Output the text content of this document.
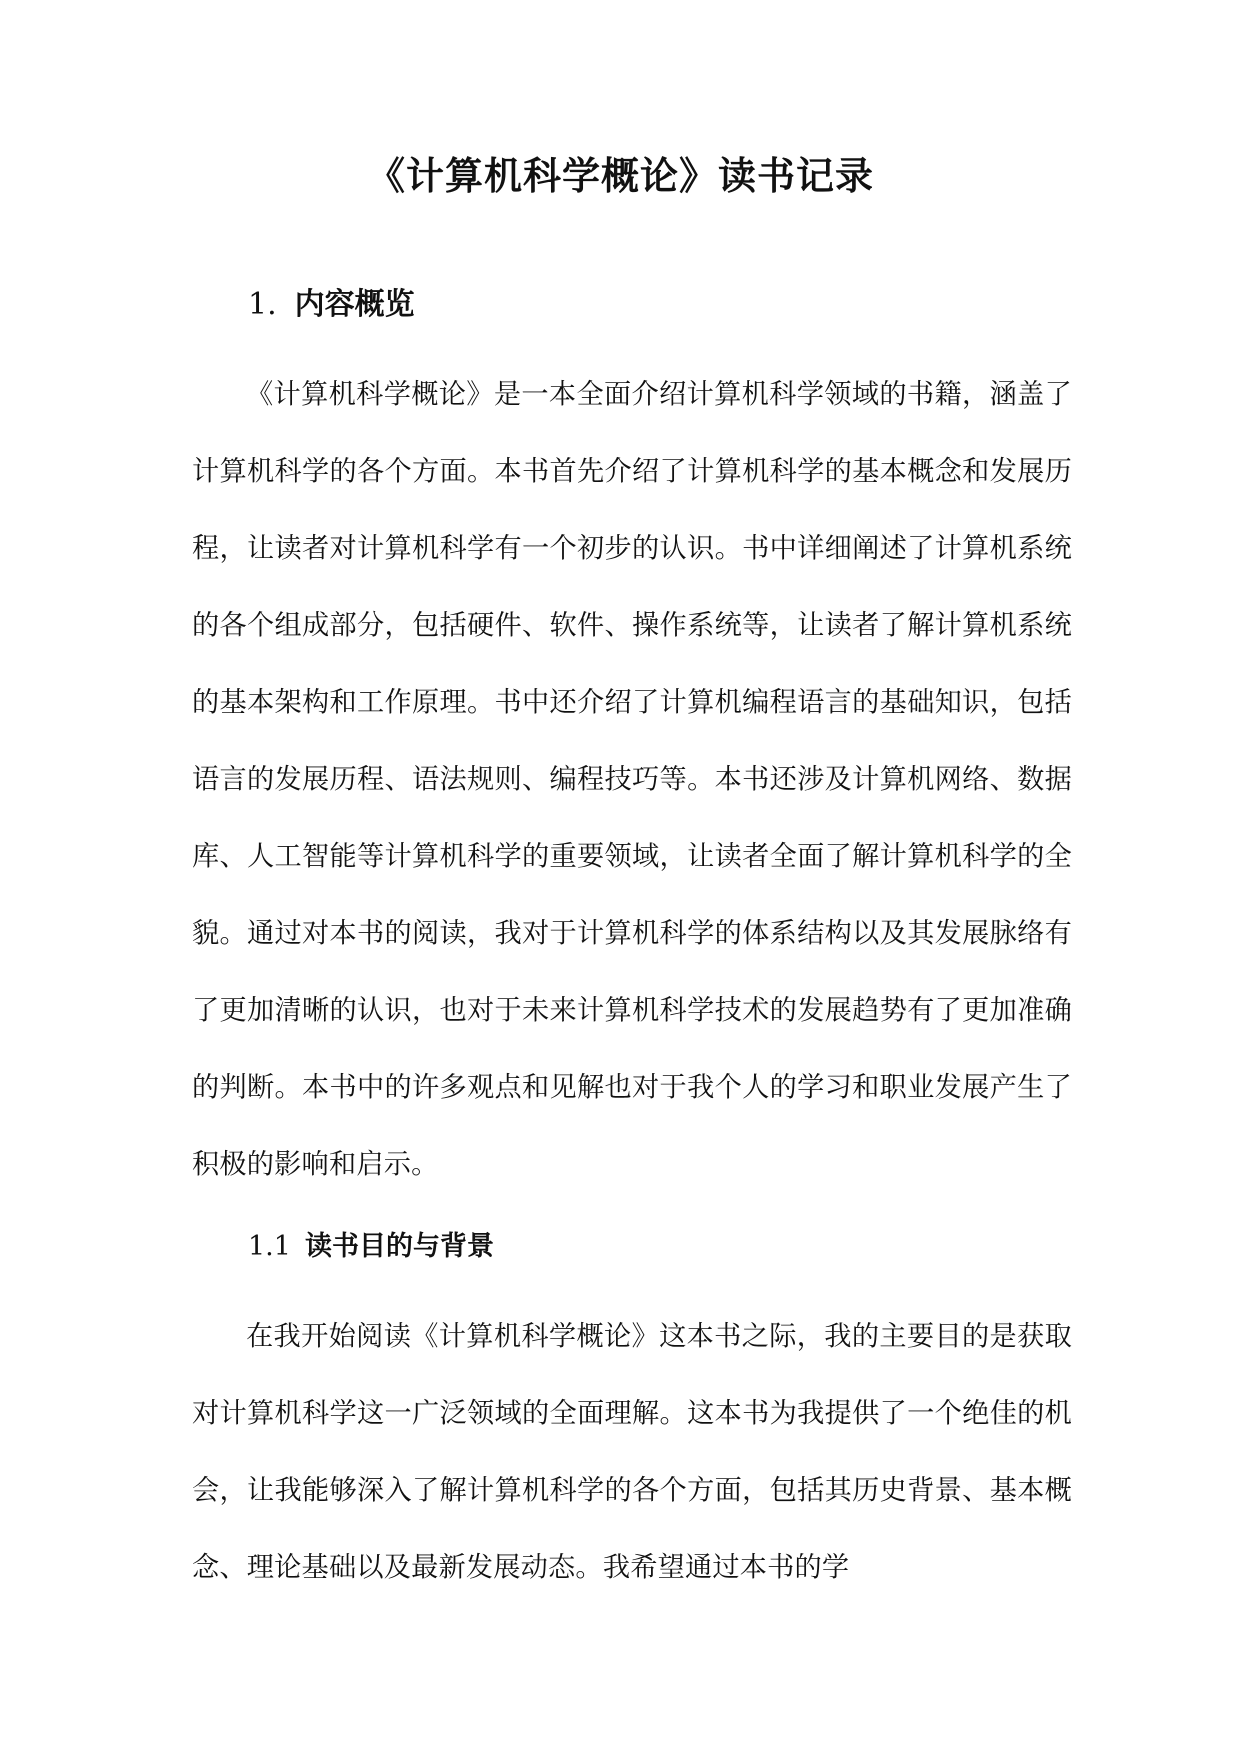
《计算机科学概论》读书记录
1. 内容概览

《计算机科学概论》是一本全面介绍计算机科学领域的书籍，涵盖了计算机科学的各个方面。本书首先介绍了计算机科学的基本概念和发展历程，让读者对计算机科学有一个初步的认识。书中详细阐述了计算机系统的各个组成部分，包括硬件、软件、操作系统等，让读者了解计算机系统的基本架构和工作原理。书中还介绍了计算机编程语言的基础知识，包括语言的发展历程、语法规则、编程技巧等。本书还涉及计算机网络、数据库、人工智能等计算机科学的重要领域，让读者全面了解计算机科学的全貌。通过对本书的阅读，我对于计算机科学的体系结构以及其发展脉络有了更加清晰的认识，也对于未来计算机科学技术的发展趋势有了更加准确的判断。本书中的许多观点和见解也对于我个人的学习和职业发展产生了积极的影响和启示。

1.1 读书目的与背景

在我开始阅读《计算机科学概论》这本书之际，我的主要目的是获取对计算机科学这一广泛领域的全面理解。这本书为我提供了一个绝佳的机会，让我能够深入了解计算机科学的各个方面，包括其历史背景、基本概念、理论基础以及最新发展动态。我希望通过本书的学
